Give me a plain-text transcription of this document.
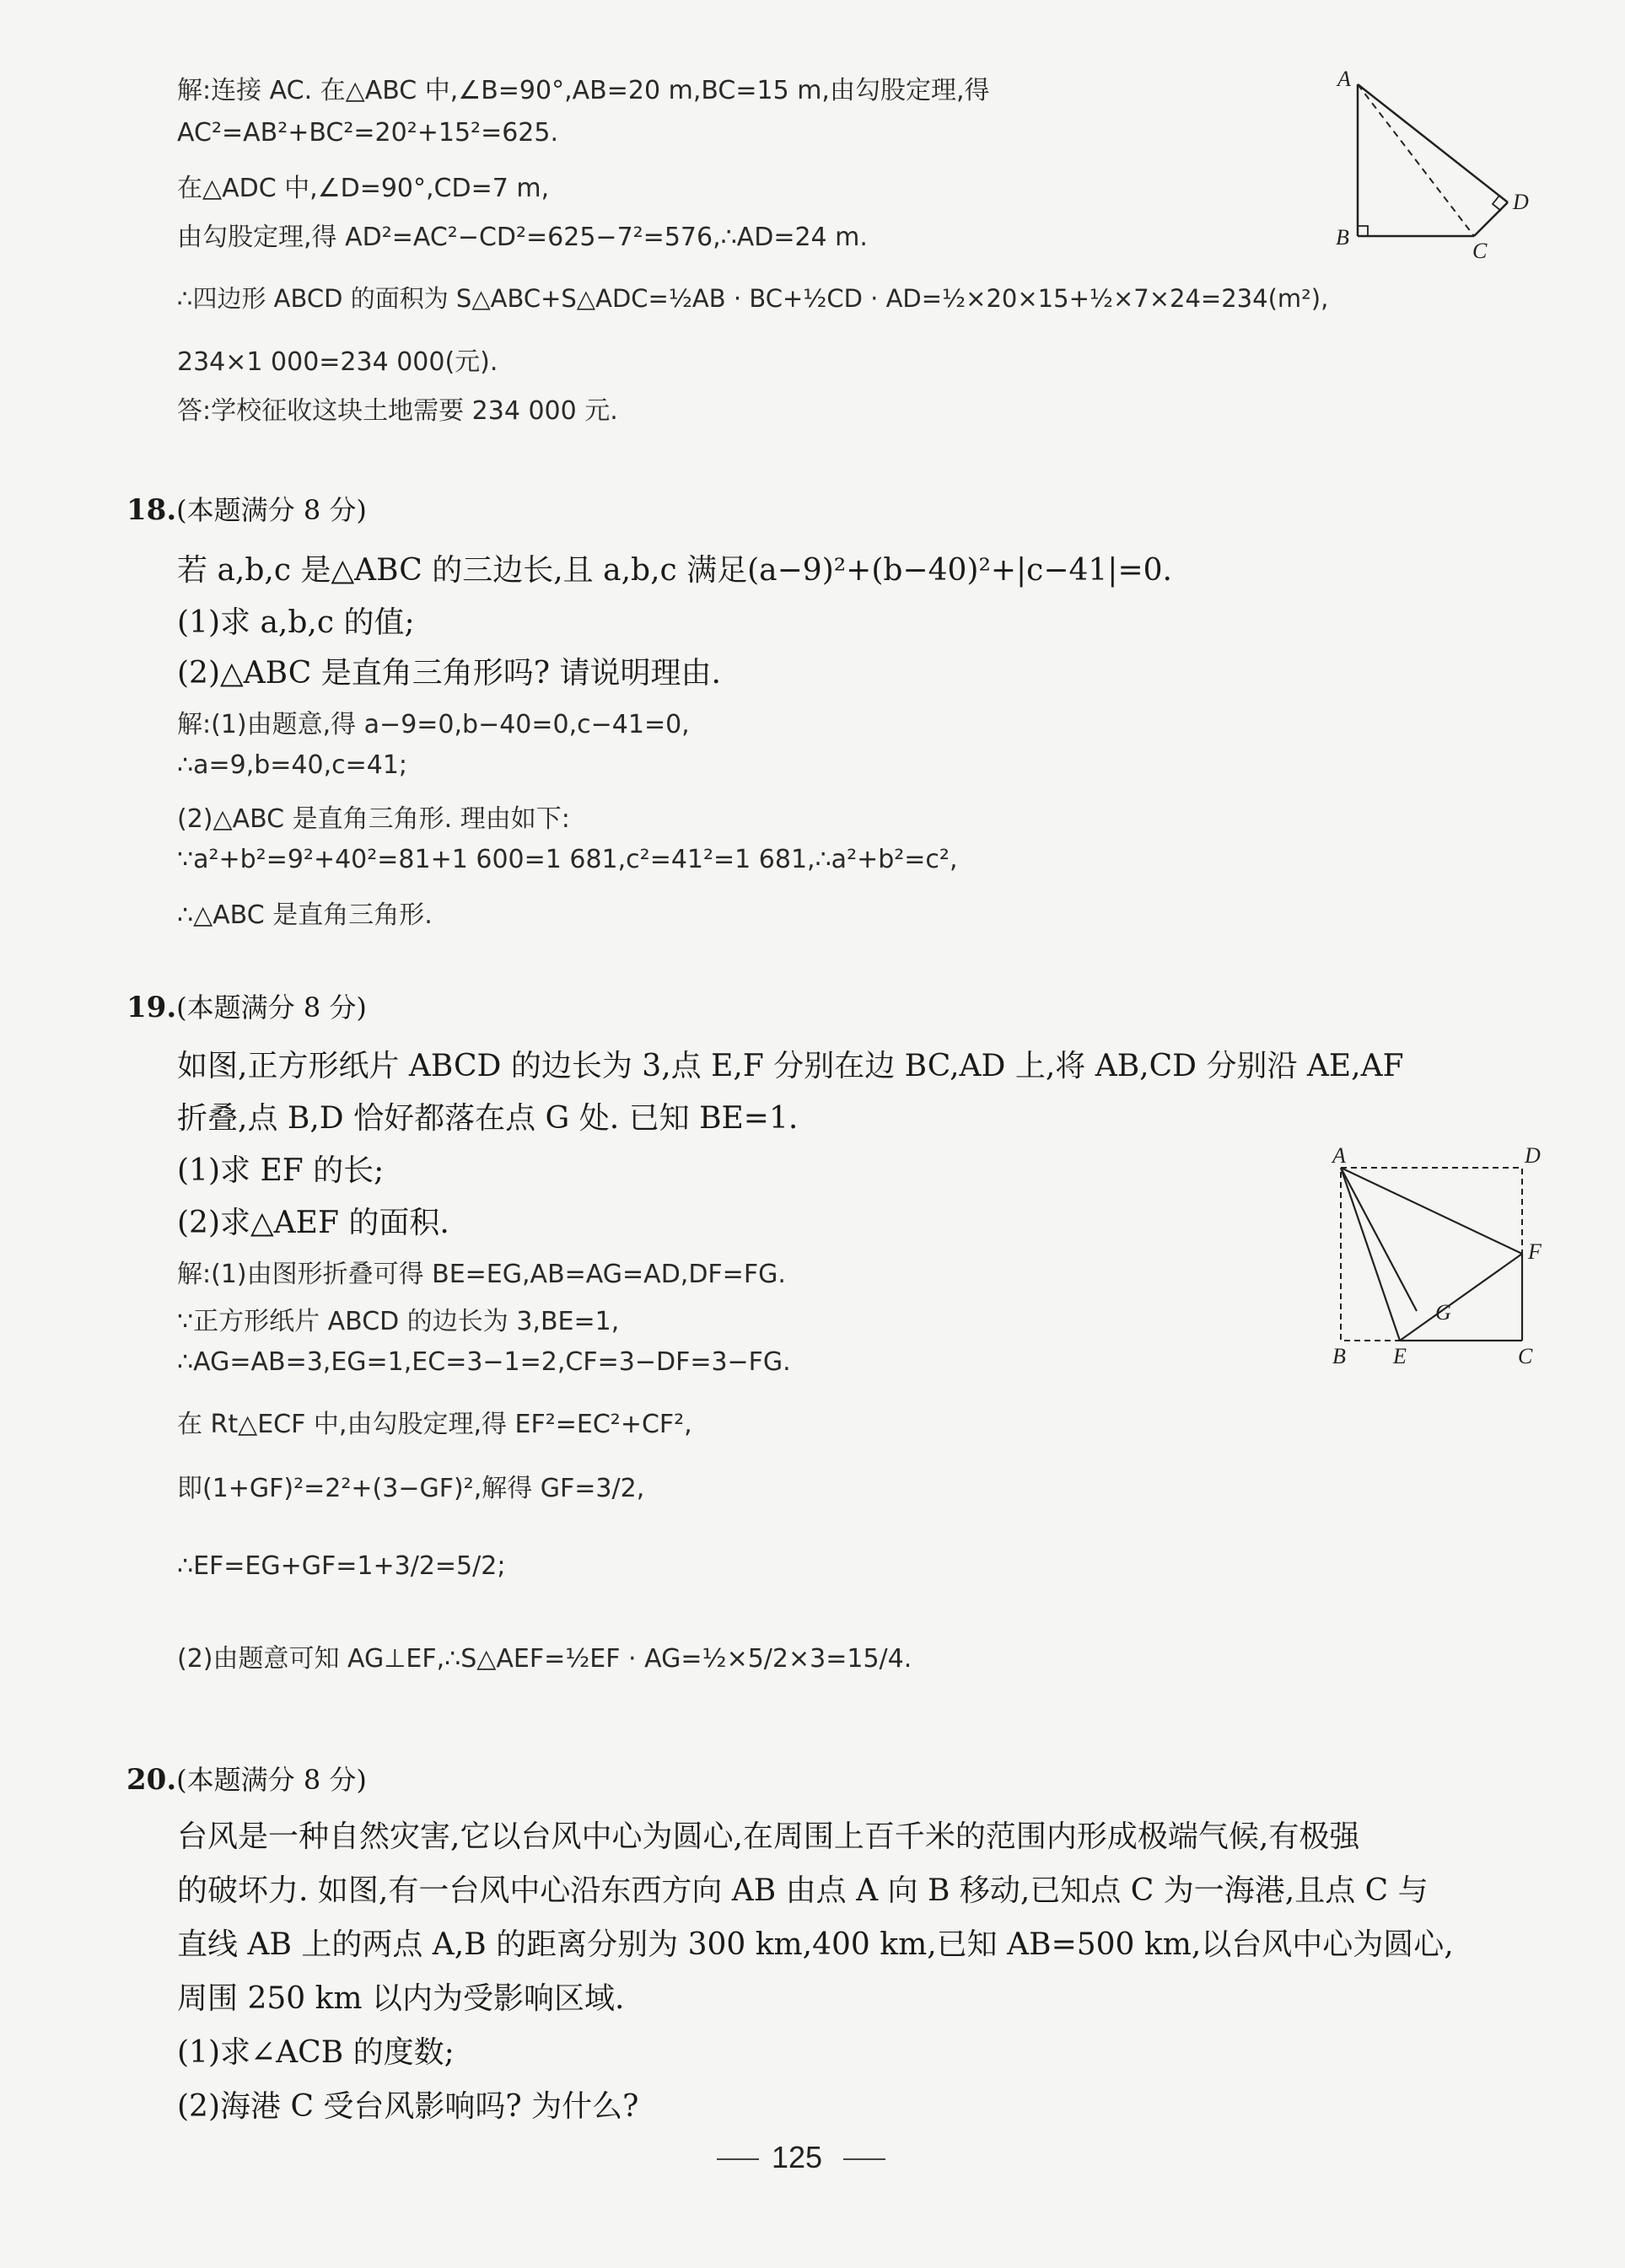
解:连接 AC. 在△ABC 中,∠B=90°,AB=20 m,BC=15 m,由勾股定理,得
AC²=AB²+BC²=20²+15²=625.
在△ADC 中,∠D=90°,CD=7 m,
由勾股定理,得 AD²=AC²−CD²=625−7²=576,∴AD=24 m.
∴四边形 ABCD 的面积为 S△ABC+S△ADC=½AB · BC+½CD · AD=½×20×15+½×7×24=234(m²),
234×1 000=234 000(元).
答:学校征收这块土地需要 234 000 元.
A
B
C
D
18.(本题满分 8 分)
若 a,b,c 是△ABC 的三边长,且 a,b,c 满足(a−9)²+(b−40)²+|c−41|=0.
(1)求 a,b,c 的值;
(2)△ABC 是直角三角形吗? 请说明理由.
解:(1)由题意,得 a−9=0,b−40=0,c−41=0,
∴a=9,b=40,c=41;
(2)△ABC 是直角三角形. 理由如下:
∵a²+b²=9²+40²=81+1 600=1 681,c²=41²=1 681,∴a²+b²=c²,
∴△ABC 是直角三角形.
19.(本题满分 8 分)
如图,正方形纸片 ABCD 的边长为 3,点 E,F 分别在边 BC,AD 上,将 AB,CD 分别沿 AE,AF
折叠,点 B,D 恰好都落在点 G 处. 已知 BE=1.
(1)求 EF 的长;
(2)求△AEF 的面积.
解:(1)由图形折叠可得 BE=EG,AB=AG=AD,DF=FG.
∵正方形纸片 ABCD 的边长为 3,BE=1,
∴AG=AB=3,EG=1,EC=3−1=2,CF=3−DF=3−FG.
在 Rt△ECF 中,由勾股定理,得 EF²=EC²+CF²,
即(1+GF)²=2²+(3−GF)²,解得 GF=3/2,
∴EF=EG+GF=1+3/2=5/2;
(2)由题意可知 AG⊥EF,∴S△AEF=½EF · AG=½×5/2×3=15/4.
A	D
F
G
B E	C
20.(本题满分 8 分)
台风是一种自然灾害,它以台风中心为圆心,在周围上百千米的范围内形成极端气候,有极强
的破坏力. 如图,有一台风中心沿东西方向 AB 由点 A 向 B 移动,已知点 C 为一海港,且点 C 与
直线 AB 上的两点 A,B 的距离分别为 300 km,400 km,已知 AB=500 km,以台风中心为圆心,
周围 250 km 以内为受影响区域.
(1)求∠ACB 的度数;
(2)海港 C 受台风影响吗? 为什么?
125
